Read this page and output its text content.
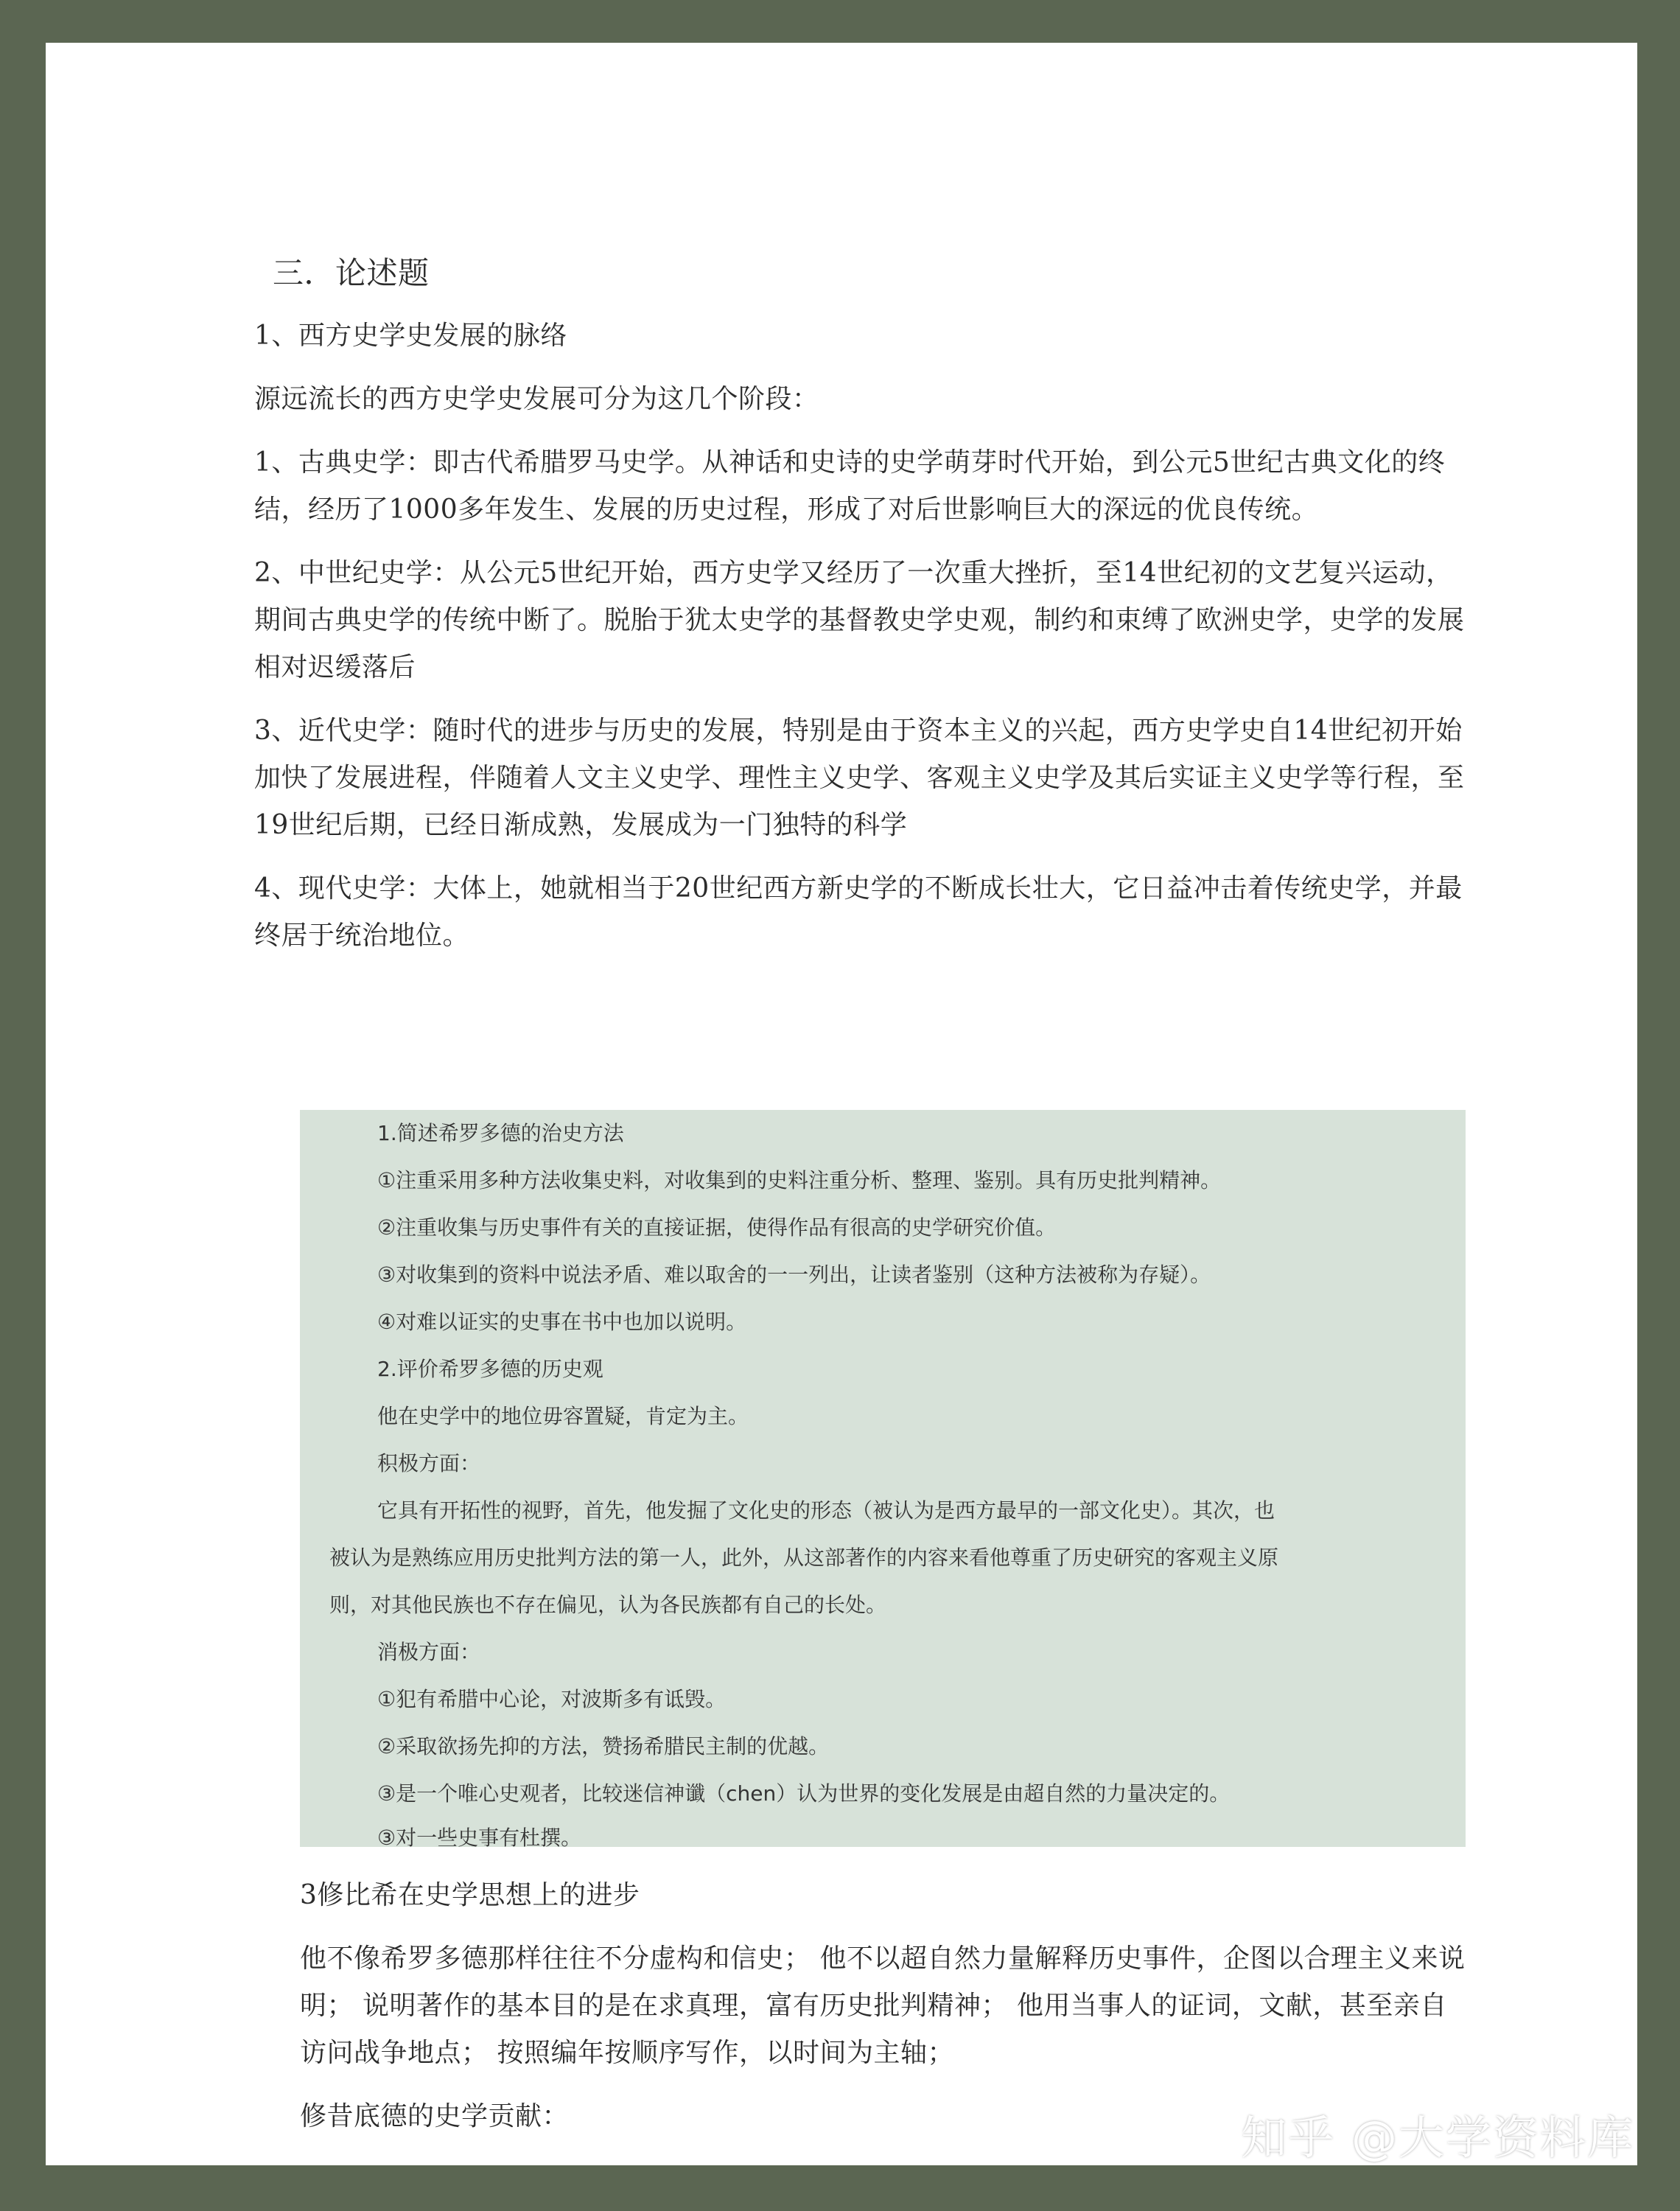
三．论述题

1、西方史学史发展的脉络

源远流长的西方史学史发展可分为这几个阶段：

1、古典史学：即古代希腊罗马史学。从神话和史诗的史学萌芽时代开始，到公元5世纪古典文化的终结，经历了1000多年发生、发展的历史过程，形成了对后世影响巨大的深远的优良传统。

2、中世纪史学：从公元5世纪开始，西方史学又经历了一次重大挫折，至14世纪初的文艺复兴运动，期间古典史学的传统中断了。脱胎于犹太史学的基督教史学史观，制约和束缚了欧洲史学，史学的发展相对迟缓落后

3、近代史学：随时代的进步与历史的发展，特别是由于资本主义的兴起，西方史学史自14世纪初开始加快了发展进程，伴随着人文主义史学、理性主义史学、客观主义史学及其后实证主义史学等行程，至19世纪后期，已经日渐成熟，发展成为一门独特的科学

4、现代史学：大体上，她就相当于20世纪西方新史学的不断成长壮大，它日益冲击着传统史学，并最终居于统治地位。

1.简述希罗多德的治史方法
①注重采用多种方法收集史料，对收集到的史料注重分析、整理、鉴别。具有历史批判精神。
②注重收集与历史事件有关的直接证据，使得作品有很高的史学研究价值。
③对收集到的资料中说法矛盾、难以取舍的一一列出，让读者鉴别（这种方法被称为存疑）。
④对难以证实的史事在书中也加以说明。
2.评价希罗多德的历史观
他在史学中的地位毋容置疑，肯定为主。
积极方面：
它具有开拓性的视野，首先，他发掘了文化史的形态（被认为是西方最早的一部文化史）。其次，也
被认为是熟练应用历史批判方法的第一人，此外，从这部著作的内容来看他尊重了历史研究的客观主义原
则，对其他民族也不存在偏见，认为各民族都有自己的长处。
消极方面：
①犯有希腊中心论，对波斯多有诋毁。
②采取欲扬先抑的方法，赞扬希腊民主制的优越。
③是一个唯心史观者，比较迷信神谶（chen）认为世界的变化发展是由超自然的力量决定的。
③对一些史事有杜撰。

3修比希在史学思想上的进步

他不像希罗多德那样往往不分虚构和信史； 他不以超自然力量解释历史事件，企图以合理主义来说明； 说明著作的基本目的是在求真理，富有历史批判精神； 他用当事人的证词，文献，甚至亲自访问战争地点； 按照编年按顺序写作，以时间为主轴；

修昔底德的史学贡献：	知乎 @大学资料库
